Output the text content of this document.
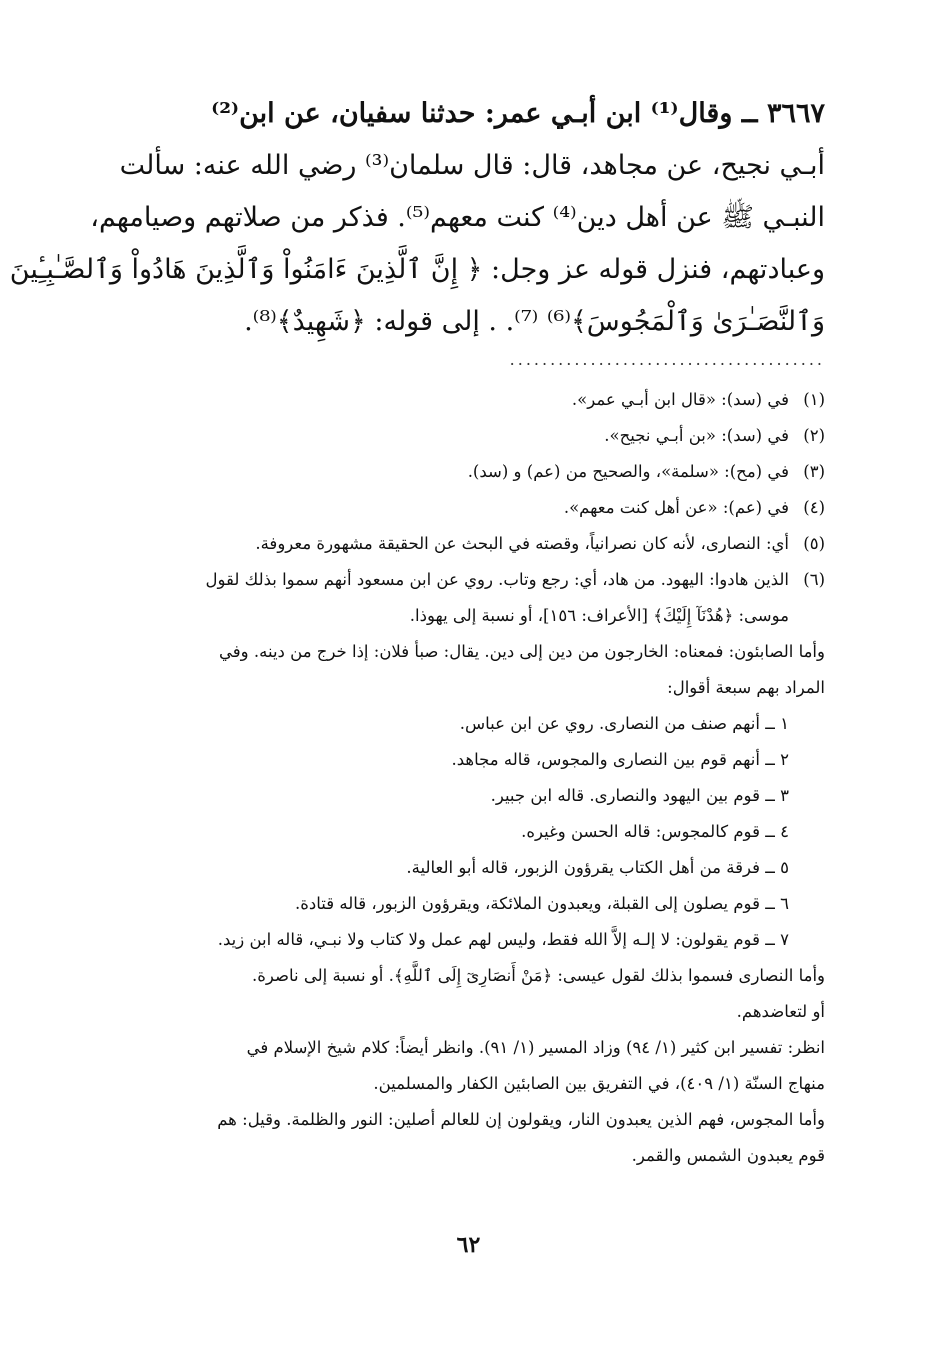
٣٦٦٧ ــ وقال⁽¹⁾ ابن أبـي عمر: حدثنا سفيان، عن ابن⁽²⁾
أبـي نجيح، عن مجاهد، قال: قال سلمان⁽³⁾ رضي الله عنه: سألت
النبـي ﷺ عن أهل دين⁽⁴⁾ كنت معهم⁽⁵⁾. فذكر من صلاتهم وصيامهم،
وعبادتهم، فنزل قوله عز وجل: ﴿ إِنَّ ٱلَّذِينَ ءَامَنُواْ وَٱلَّذِينَ هَادُواْ وَٱلصَّـٰبِـِٔينَ
وَٱلنَّصَـٰرَىٰ وَٱلْمَجُوسَ﴾⁽⁶⁾ ⁽⁷⁾. . إلى قوله: ﴿شَهِيدٌ﴾⁽⁸⁾.
.......................................
(١)
في (سد): «قال ابن أبـي عمر».
(٢)
في (سد): «بن أبـي نجيح».
(٣)
في (مح): «سلمة»، والصحيح من (عم) و (سد).
(٤)
في (عم): «عن أهل كنت معهم».
(٥)
أي: النصارى، لأنه كان نصرانياً، وقصته في البحث عن الحقيقة مشهورة معروفة.
(٦)
الذين هادوا: اليهود. من هاد، أي: رجع وتاب. روي عن ابن مسعود أنهم سموا بذلك لقول
موسى: ﴿هُدْنَآ إِلَيْكَ﴾ [الأعراف: ١٥٦]، أو نسبة إلى يهوذا.
وأما الصابئون: فمعناه: الخارجون من دين إلى دين. يقال: صبأ فلان: إذا خرج من دينه. وفي
المراد بهم سبعة أقوال:
١ ــ أنهم صنف من النصارى. روي عن ابن عباس.
٢ ــ أنهم قوم بين النصارى والمجوس، قاله مجاهد.
٣ ــ قوم بين اليهود والنصارى. قاله ابن جبير.
٤ ــ قوم كالمجوس: قاله الحسن وغيره.
٥ ــ فرقة من أهل الكتاب يقرؤون الزبور، قاله أبو العالية.
٦ ــ قوم يصلون إلى القبلة، ويعبدون الملائكة، ويقرؤون الزبور، قاله قتادة.
٧ ــ قوم يقولون: لا إلـه إلاَّ الله فقط، وليس لهم عمل ولا كتاب ولا نبـي، قاله ابن زيد.
وأما النصارى فسموا بذلك لقول عيسى: ﴿مَنْ أَنصَارِىٓ إِلَى ٱللَّهِ﴾. أو نسبة إلى ناصرة.
أو لتعاضدهم.
انظر: تفسير ابن كثير (١/ ٩٤) وزاد المسير (١/ ٩١). وانظر أيضاً: كلام شيخ الإسلام في
منهاج السنّة (١/ ٤٠٩)، في التفريق بين الصابئين الكفار والمسلمين.
وأما المجوس، فهم الذين يعبدون النار، ويقولون إن للعالم أصلين: النور والظلمة. وقيل: هم
قوم يعبدون الشمس والقمر.
٦٢
